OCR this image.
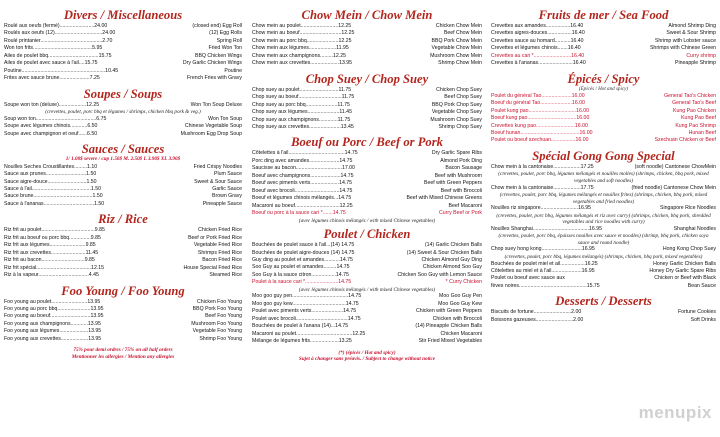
Divers / Miscellaneous
Roulé aux oeufs (fermé)........................24.00	(closed end) Egg Roll
Roulés aux oeufs (12).................................24.00	(12) Egg Rolls
Roulé printanier...........................................2.70	Spring Roll
Won ton frits.........................................5.95	Fried Won Ton
Ailes de poulet bbq...................................15.75	BBQ Chicken Wings
Ailes de poulet avec sauce à l'ail....15.75	Dry Garlic Chicken Wings
Poutine..........................................................10.45	Poutine
Frites avec sauce brune.....................7.25	French Fries with Gravy
Soupes / Soups
Soupe won ton (deluxe)...................12.25	Won Ton Soup Deluxe
(crevettes, poulet, porc bbq et légumes / shrimps, chicken bbq pork & veg.)
Soup won ton..........................................6.75	Won Ton Soup
Soupe avec légumes chinois............6.50	Chinese Vegetable Soup
Soupe avec champignon et oeuf......6.50	Mushroom Egg Drop Soup
Sauces / Sauces
1/ 1.00$ severe / cup 1.50$ M. 2.50$ L 3.90$ XL 3.90$
Nouilles Seches Croustillantes.........1.10	Fried Crispy Noodles
Sauce aux prunes............................1.50	Plum Sauce
Sauce aigre-douce...........................1.50	Sweet & Sour Sauce
Sauce à l'ail.........................................1.50	Garlic Sauce
Sauce brune.........................................1.50	Brown Gravy
Sauce à l'ananas...................................1.50	Pineapple Sauce
Riz / Rice
Riz frit au poulet.....................................9.85	Chicken Fried Rice
Riz frit au boeuf ou porc bbq...............9.85	Beef or Pork Fried Rice
Riz frit aux légumes.........................9.85	Vegetable Fried Rice
Riz frit aux crevettes........................11.45	Shrimps Fried Rice
Riz frit au bacon..............................9.85	Bacon Fried Rice
Riz frit spécial......................................12.15	House Special Fried Rice
Riz à la vapeur...................................4.45	Steamed Rice
Foo Young / Foo Young
Foo young au poulet.........................13.95	Chicken Foo Young
Foo young au porc bbq.......................13.95	BBQ Pork Foo Young
Foo young au boeuf............................13.95	Beef Foo Young
Foo young aux champignons............13.95	Mushroom Foo Young
Foo young aux légumes....................13.95	Vegetable Foo Young
Foo young aux crevettes...................13.95	Shrimp Foo Young
75% pour demi ordres / 75% on all half orders
Mentionner les allergies / Mention any allergies
Chow Mein / Chow Mein
Chow mein au poulet..........................12.25	Chicken Chow Mein
Chow mein au boeuf.............................12.25	Beef Chow Mein
Chow mein au porc bbq......................12.25	BBQ Pork Chow Mein
Chow mein aux légumes...................11.95	Vegetable Chow Mein
Chow mein aux champignons.........12.25	Mushroom Chow Mein
Chow mein aux crevettes....................13.95	Shrimp Chow Mein
Chop Suey / Chop Suey
Chop suey au poulet...........................11.75	Chicken Chop Suey
Chop suey au boeuf..............................11.75	Beef Chop Suey
Chop suey au porc bbq......................11.75	BBQ Pork Chop Suey
Chop suey aux légumes......................11.45	Vegetable Chop Suey
Chop suey aux champignons.............11.75	Mushroom Chop Suey
Chop suey aux crevettes......................13.45	Shrimp Chop Suey
Boeuf ou Porc / Beef or Pork
Côtelettes à l'ail.......................................14.75	Dry Garlic Spare Ribs
Porc ding avec amandes.....................14.75	Almond Pork Ding
Saucisse au bacon................................17.00	Bacon Sausage
Boeuf avec champignons.....................14.75	Beef with Mushroom
Boeuf avec piments verts....................14.75	Beef with Green Peppers
Boeuf avec brocoli...............................14.75	Beef with Broccoli
Boeuf et légumes chinois mélangés...14.75	Beef with Mixed Chinese Greens
Macaroni au boeuf...............................12.25	Beef Macaroni
Boeuf ou porc à la sauce cari *.......14.75	Curry Beef or Pork
(avec légumes chinois mélangés / with mixed Chinese vegetables)
Poulet / Chicken
Bouchées de poulet sauce à l'ail...(14) 14.75	(14) Garlic Chicken Balls
Bouchées de poulet aigre-douces (14) 14.75	(14) Sweet & Sour Chicken Balls
Guy ding au poulet et amandes...........14.75	Chicken Almond Guy Ding
Soo Guy au poulet et amandes.........14.75	Chicken Almond Soo Guy
Soo Guy à la sauce citron.................14.75	Chicken Soo Guy with Lemon Sauce
Poulet à la sauce cari *.......................14.75	* Curry Chicken
(avec légumes chinois mélangés / with mixed Chinese vegetables)
Moo goo guy pen.......................................14.75	Moo Goo Guy Pen
Moo goo guy kew.....................................14.75	Moo Goo Guy Kew
Poulet avec piments verts......................14.75	Chicken with Green Peppers
Poulet avec brocoli....................................14.75	Chicken with Broccoli
Bouchées de poulet à l'anana (14)...14.75	(14) Pineapple Chicken Balls
Macaroni au poulet.......................................12.25	Chicken Macaroni
Mélange de légumes frits....................13.25	Stir Fried Mixed Vegetables
(*) (épicés / Hot and spicy)
Sujet à changer sans préavis. / Subject to change without notice
Fruits de mer / Sea Food
Crevettes aux amandes.................16.40	Almond Shrimp Ding
Crevettes aigres-douces.................16.40	Sweet & Sour Shrimp
Crevettes sauce au homard...........16.40	Shrimp with Lobster sauce
Crevettes et légumes chinois.......16.40	Shrimps with Chinese Green
Crevettes au cari *..........................16.40	Curry shrimp
Crevettes à l'ananas........................16.40	Pineapple Shrimp
Épicés / Spicy
(Épicés / Hot and spicy)
Poulet du général Tao.....................16.00	General Tao's Chicken
Boeuf du général Tao......................16.00	General Tao's Beef
Poulet kung pao.................................16.00	Kung Pao Chicken
Boeuf kung pao..................................16.00	Kung Pao Beef
Crevettes kung pao...........................16.00	Kung Pao Shrimp
Boeuf hunan.........................................16.00	Hunan Beef
Poulet ou boeuf szechuan.................16.00	Szechuan Chicken or Beef
Spécial Gong Gong Special
Chow mein à la cantonaise...................17.25	(soft noodle) Cantonese ChowMein
(crevettes, poulet, porc bbq, légumes mélangés et nouilles molles) (shrimps, chicken, bbq pork, mixed vegetables and soft noodles)
Chow mein à la cantonaise...................17.75	(fried noodle) Cantonese Chow Mein
(crevettes, poulet, porc bbq, légumes mélangés et nouilles frites) (shrimps, chicken, bbq pork, mixed vegetables and fried noodles)
Nouilles riz singapore..........................16.95	Singapore Rice Noodles
(crevettes, poulet, porc bbq, légumes mélangés et riz avec curry) (shrimps, chicken, bbq pork, shredded vegetables and rice noodles with curry)
Nouilles Shanghai.......................................16.95	Shanghai Noodles
(crevettes, poulet, porc bbq, épaisses nouilles avec sauce et noodles) (shrimp, bbq pork, chicken soya sauce and round noodle)
Chop suey hong kong............................16.95	Hong Kong Chop Suey
(crevettes, poulet, porc bbq, légumes mélangés) (shrimps, chicken, bbq pork, mixed vegetables)
Bouchées de poulet miel et ail.................16.25	Honey Garlic Chicken Balls
Côtelettes au miel et à l'ail.....................16.95	Honey Dry Garlic Spare Ribs
Poulet ou boeuf avec sauce aux	Chicken or Beef with Black
fèves noires...............................................15.75	Bean Sauce
Desserts / Desserts
Biscuits de fortune..........................2.00	Fortune Cookies
Boissons gazeuses..........................2.00	Soft Drinks
menupix
